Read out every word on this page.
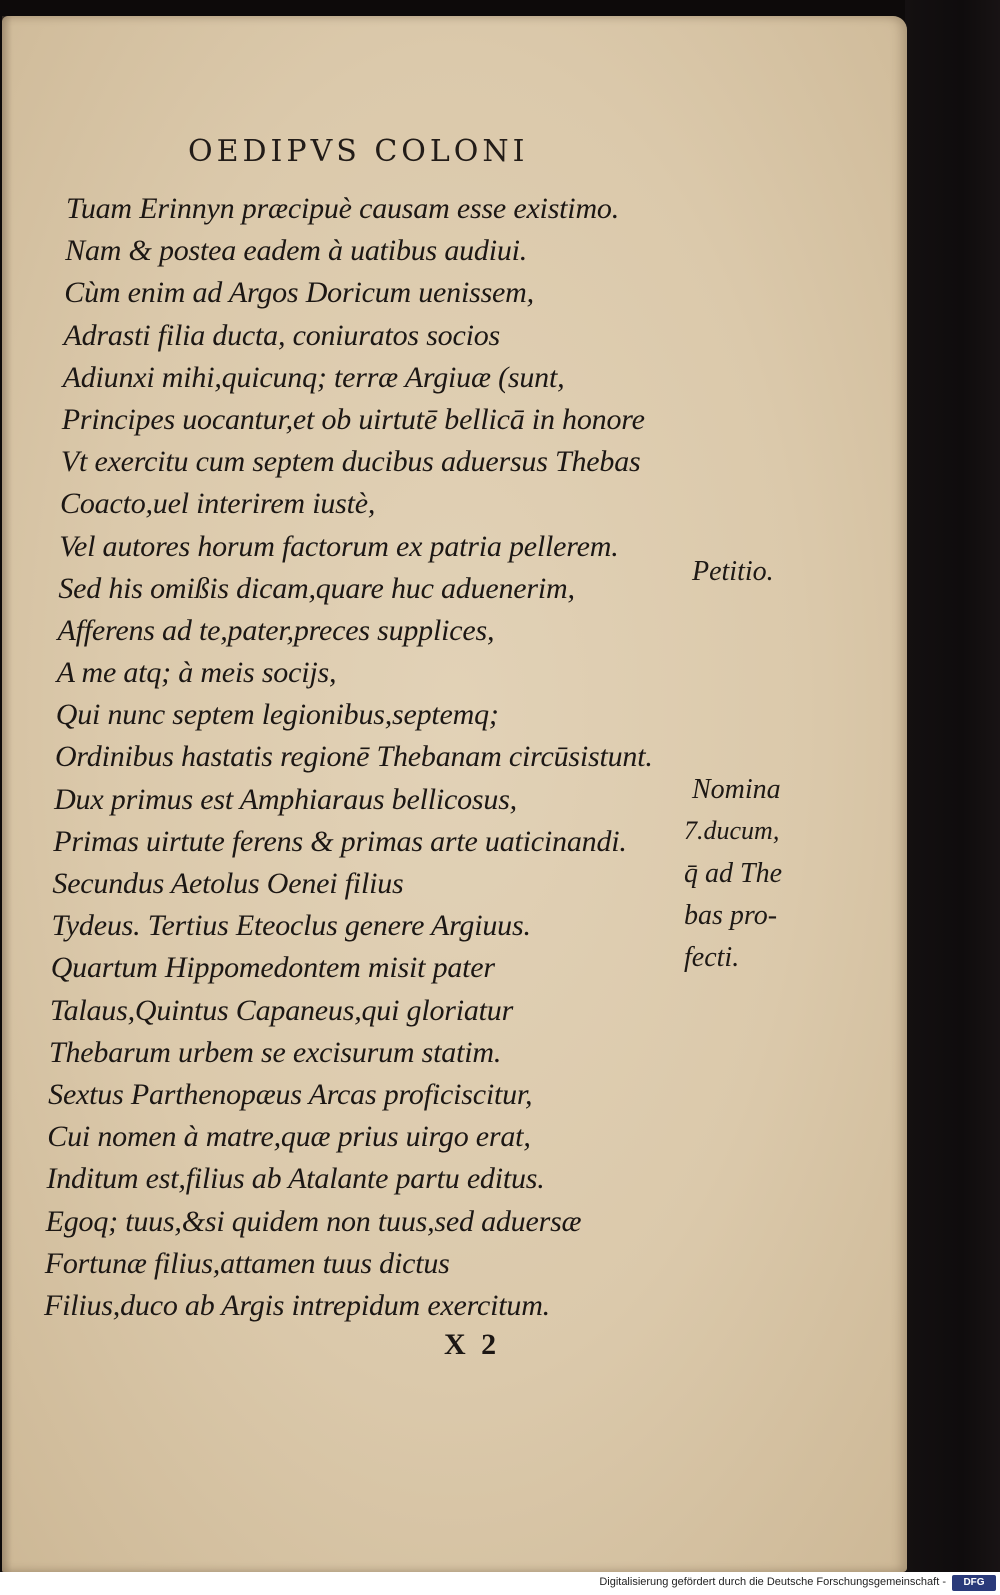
OEDIPVS COLONI
Tuam Erinnyn præcipuè causam esse existimo.
Nam & postea eadem à uatibus audiui.
Cùm enim ad Argos Doricum uenissem,
Adrasti filia ducta, coniuratos socios
Adiunxi mihi,quicunq; terræ Argiuæ (sunt,
Principes uocantur,et ob uirtutē bellicā in honore
Vt exercitu cum septem ducibus aduersus Thebas
Coacto,uel interirem iustè,
Vel autores horum factorum ex patria pellerem.
Sed his omißis dicam,quare huc aduenerim,
Afferens ad te,pater,preces supplices,
A me atq; à meis socijs,
Qui nunc septem legionibus,septemq;
Ordinibus hastatis regionē Thebanam circūsistunt.
Dux primus est Amphiaraus bellicosus,
Primas uirtute ferens & primas arte uaticinandi.
Secundus Aetolus Oenei filius
Tydeus. Tertius Eteoclus genere Argiuus.
Quartum Hippomedontem misit pater
Talaus,Quintus Capaneus,qui gloriatur
Thebarum urbem se excisurum statim.
Sextus Parthenopæus Arcas proficiscitur,
Cui nomen à matre,quæ prius uirgo erat,
Inditum est,filius ab Atalante partu editus.
Egoq; tuus,&si quidem non tuus,sed aduersæ
Fortunæ filius,attamen tuus dictus
Filius,duco ab Argis intrepidum exercitum.
Petitio.
Nomina
7.ducum,
q̄ ad The
bas pro-
fecti.
X 2
Digitalisierung gefördert durch die Deutsche Forschungsgemeinschaft -	DFG
